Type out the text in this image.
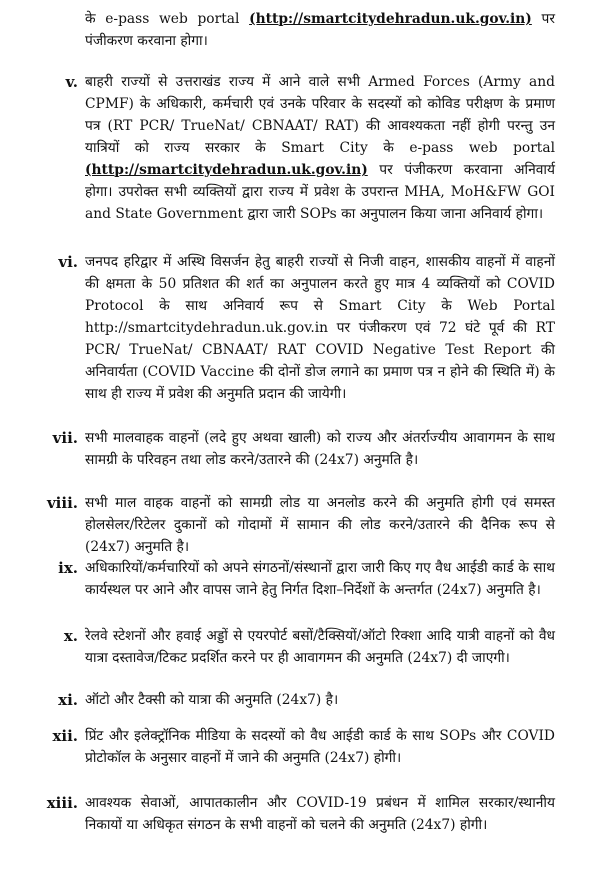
के e-pass web portal (http://smartcitydehradun.uk.gov.in) पर पंजीकरण करवाना होगा।
v. बाहरी राज्यों से उत्तराखंड राज्य में आने वाले सभी Armed Forces (Army and CPMF) के अधिकारी, कर्मचारी एवं उनके परिवार के सदस्यों को कोविड परीक्षण के प्रमाण पत्र (RT PCR/ TrueNat/ CBNAAT/ RAT) की आवश्यकता नहीं होगी परन्तु उन यात्रियों को राज्य सरकार के Smart City के e-pass web portal (http://smartcitydehradun.uk.gov.in) पर पंजीकरण करवाना अनिवार्य होगा। उपरोक्त सभी व्यक्तियों द्वारा राज्य में प्रवेश के उपरान्त MHA, MoH&FW GOI and State Government द्वारा जारी SOPs का अनुपालन किया जाना अनिवार्य होगा।
vi. जनपद हरिद्वार में अस्थि विसर्जन हेतु बाहरी राज्यों से निजी वाहन, शासकीय वाहनों में वाहनों की क्षमता के 50 प्रतिशत की शर्त का अनुपालन करते हुए मात्र 4 व्यक्तियों को COVID Protocol के साथ अनिवार्य रूप से Smart City के Web Portal http://smartcitydehradun.uk.gov.in पर पंजीकरण एवं 72 घंटे पूर्व की RT PCR/ TrueNat/ CBNAAT/ RAT COVID Negative Test Report की अनिवार्यता (COVID Vaccine की दोनों डोज लगाने का प्रमाण पत्र न होने की स्थिति में) के साथ ही राज्य में प्रवेश की अनुमति प्रदान की जायेगी।
vii. सभी मालवाहक वाहनों (लदे हुए अथवा खाली) को राज्य और अंतर्राज्यीय आवागमन के साथ सामग्री के परिवहन तथा लोड करने/उतारने की (24x7) अनुमति है।
viii. सभी माल वाहक वाहनों को सामग्री लोड या अनलोड करने की अनुमति होगी एवं समस्त होलसेलर/रिटेलर दुकानों को गोदामों में सामान की लोड करने/उतारने की दैनिक रूप से (24x7) अनुमति है।
ix. अधिकारियों/कर्मचारियों को अपने संगठनों/संस्थानों द्वारा जारी किए गए वैध आईडी कार्ड के साथ कार्यस्थल पर आने और वापस जाने हेतु निर्गत दिशा–निर्देशों के अन्तर्गत (24x7) अनुमति है।
x. रेलवे स्टेशनों और हवाई अड्डों से एयरपोर्ट बसों/टैक्सियों/ऑटो रिक्शा आदि यात्री वाहनों को वैध यात्रा दस्तावेज/टिकट प्रदर्शित करने पर ही आवागमन की अनुमति (24x7) दी जाएगी।
xi. ऑटो और टैक्सी को यात्रा की अनुमति (24x7) है।
xii. प्रिंट और इलेक्ट्रॉनिक मीडिया के सदस्यों को वैध आईडी कार्ड के साथ SOPs और COVID प्रोटोकॉल के अनुसार वाहनों में जाने की अनुमति (24x7) होगी।
xiii. आवश्यक सेवाओं, आपातकालीन और COVID-19 प्रबंधन में शामिल सरकार/स्थानीय निकायों या अधिकृत संगठन के सभी वाहनों को चलने की अनुमति (24x7) होगी।
